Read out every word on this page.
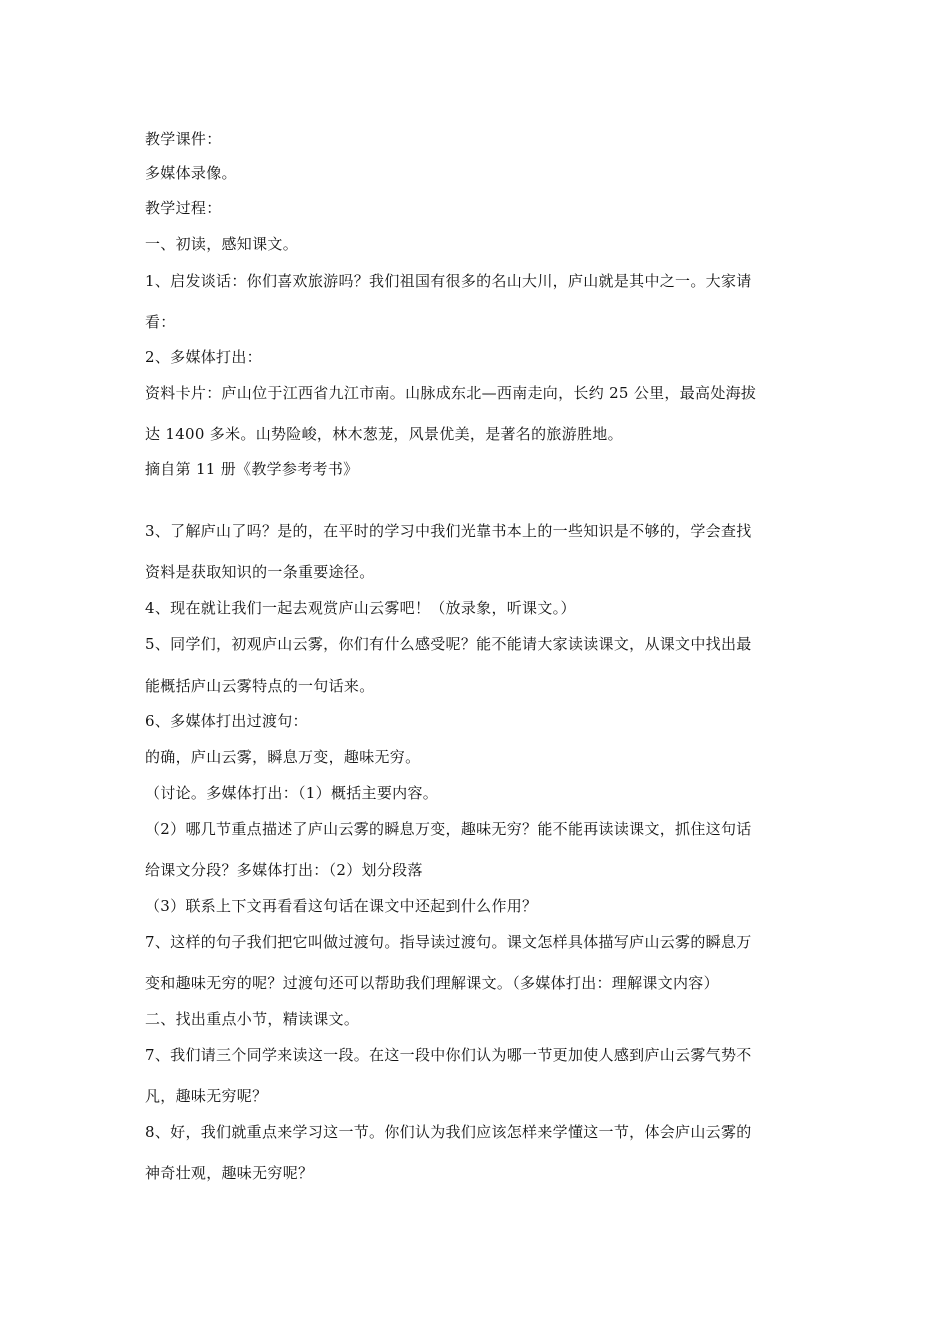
教学课件：
多媒体录像。
教学过程：
一、初读，感知课文。
1、启发谈话：你们喜欢旅游吗？我们祖国有很多的名山大川，庐山就是其中之一。大家请
看：
2、多媒体打出：
资料卡片：庐山位于江西省九江市南。山脉成东北—西南走向，长约 25 公里，最高处海拔
达 1400 多米。山势险峻，林木葱茏，风景优美，是著名的旅游胜地。
摘自第 11 册《教学参考考书》
3、了解庐山了吗？是的，在平时的学习中我们光靠书本上的一些知识是不够的，学会查找
资料是获取知识的一条重要途径。
4、现在就让我们一起去观赏庐山云雾吧！（放录象，听课文。）
5、同学们，初观庐山云雾，你们有什么感受呢？能不能请大家读读课文，从课文中找出最
能概括庐山云雾特点的一句话来。
6、多媒体打出过渡句：
的确，庐山云雾，瞬息万变，趣味无穷。
（讨论。多媒体打出：（1）概括主要内容。
（2）哪几节重点描述了庐山云雾的瞬息万变，趣味无穷？能不能再读读课文，抓住这句话
给课文分段？多媒体打出：（2）划分段落
（3）联系上下文再看看这句话在课文中还起到什么作用？
7、这样的句子我们把它叫做过渡句。指导读过渡句。课文怎样具体描写庐山云雾的瞬息万
变和趣味无穷的呢？过渡句还可以帮助我们理解课文。（多媒体打出：理解课文内容）
二、找出重点小节，精读课文。
7、我们请三个同学来读这一段。在这一段中你们认为哪一节更加使人感到庐山云雾气势不
凡，趣味无穷呢？
8、好，我们就重点来学习这一节。你们认为我们应该怎样来学懂这一节，体会庐山云雾的
神奇壮观，趣味无穷呢？
